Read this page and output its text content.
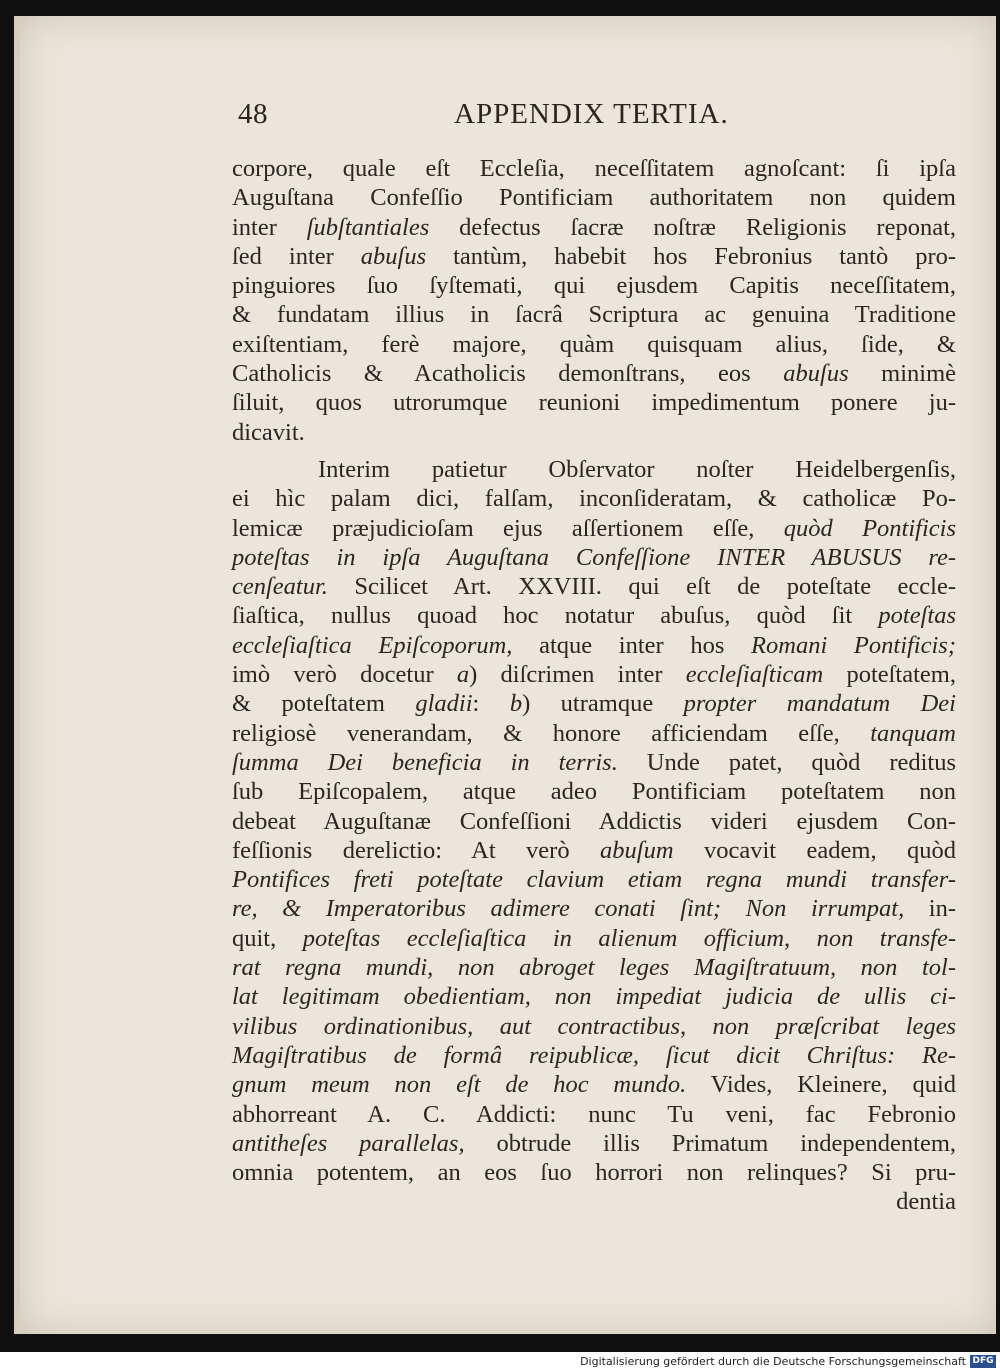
48	APPENDIX TERTIA.
corpore, quale eſt Eccleſia, neceſſitatem agnoſcant: ſi ipſa
Auguſtana Confeſſio Pontificiam authoritatem non quidem
inter ſubſtantiales defectus ſacræ noſtræ Religionis reponat,
ſed inter abuſus tantùm, habebit hos Febronius tantò pro-
pinguiores ſuo ſyſtemati, qui ejusdem Capitis neceſſitatem,
& fundatam illius in ſacrâ Scriptura ac genuina Traditione
exiſtentiam, ferè majore, quàm quisquam alius, ſide, &
Catholicis & Acatholicis demonſtrans, eos abuſus minimè
ſiluit, quos utrorumque reunioni impedimentum ponere ju-
dicavit.
Interim patietur Obſervator noſter Heidelbergenſis,
ei hìc palam dici, falſam, inconſideratam, & catholicæ Po-
lemicæ præjudicioſam ejus aſſertionem eſſe, quòd Pontificis
poteſtas in ipſa Auguſtana Confeſſione INTER ABUSUS re-
cenſeatur. Scilicet Art. XXVIII. qui eſt de poteſtate eccle-
ſiaſtica, nullus quoad hoc notatur abuſus, quòd ſit poteſtas
eccleſiaſtica Epiſcoporum, atque inter hos Romani Pontificis;
imò verò docetur a) diſcrimen inter eccleſiaſticam poteſtatem,
& poteſtatem gladii: b) utramque propter mandatum Dei
religiosè venerandam, & honore afficiendam eſſe, tanquam
ſumma Dei beneficia in terris. Unde patet, quòd reditus
ſub Epiſcopalem, atque adeo Pontificiam poteſtatem non
debeat Auguſtanæ Confeſſioni Addictis videri ejusdem Con-
feſſionis derelictio: At verò abuſum vocavit eadem, quòd
Pontifices freti poteſtate clavium etiam regna mundi transfer-
re, & Imperatoribus adimere conati ſint; Non irrumpat, in-
quit, poteſtas eccleſiaſtica in alienum officium, non transfe-
rat regna mundi, non abroget leges Magiſtratuum, non tol-
lat legitimam obedientiam, non impediat judicia de ullis ci-
vilibus ordinationibus, aut contractibus, non præſcribat leges
Magiſtratibus de formâ reipublicæ, ſicut dicit Chriſtus: Re-
gnum meum non eſt de hoc mundo. Vides, Kleinere, quid
abhorreant A. C. Addicti: nunc Tu veni, fac Febronio
antitheſes parallelas, obtrude illis Primatum independentem,
omnia potentem, an eos ſuo horrori non relinques? Si pru-
dentia
Digitalisierung gefördert durch die Deutsche Forschungsgemeinschaft DFG
